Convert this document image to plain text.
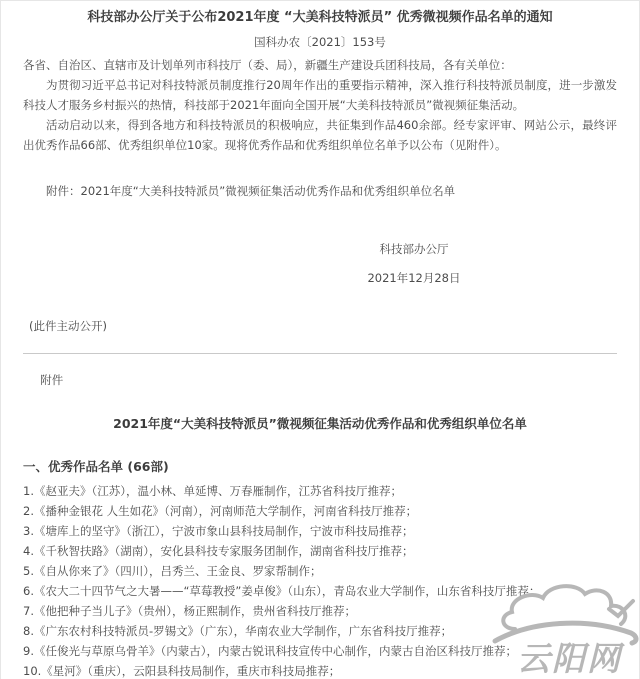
科技部办公厅关于公布2021年度 “大美科技特派员” 优秀微视频作品名单的通知
国科办农〔2021〕153号

各省、自治区、直辖市及计划单列市科技厅（委、局），新疆生产建设兵团科技局，各有关单位：

为贯彻习近平总书记对科技特派员制度推行20周年作出的重要指示精神，深入推行科技特派员制度，进一步激发科技人才服务乡村振兴的热情，科技部于2021年面向全国开展“大美科技特派员”微视频征集活动。

活动启动以来，得到各地方和科技特派员的积极响应，共征集到作品460余部。经专家评审、网站公示，最终评出优秀作品66部、优秀组织单位10家。现将优秀作品和优秀组织单位名单予以公布（见附件）。

附件：2021年度“大美科技特派员”微视频征集活动优秀作品和优秀组织单位名单

科技部办公厅
2021年12月28日

(此件主动公开)

附件

2021年度“大美科技特派员”微视频征集活动优秀作品和优秀组织单位名单
一、优秀作品名单 (66部)

1.《赵亚夫》（江苏），温小林、单延博、万春雁制作，江苏省科技厅推荐；

2.《播种金银花 人生如花》（河南），河南师范大学制作，河南省科技厅推荐；

3.《塘库上的坚守》（浙江），宁波市象山县科技局制作，宁波市科技局推荐；

4.《千秋智扶路》（湖南），安化县科技专家服务团制作，湖南省科技厅推荐；

5.《自从你来了》（四川），吕秀兰、王金良、罗家帮制作；

6.《农大二十四节气之大暑——“草莓教授”姜卓俊》（山东），青岛农业大学制作，山东省科技厅推荐；

7.《他把种子当儿子》（贵州），杨正熙制作，贵州省科技厅推荐；

8.《广东农村科技特派员-罗锡文》（广东），华南农业大学制作，广东省科技厅推荐；

9.《任俊光与草原乌骨羊》（内蒙古），内蒙古锐讯科技宣传中心制作，内蒙古自治区科技厅推荐；

10.《星河》（重庆），云阳县科技局制作，重庆市科技局推荐；	云阳网
